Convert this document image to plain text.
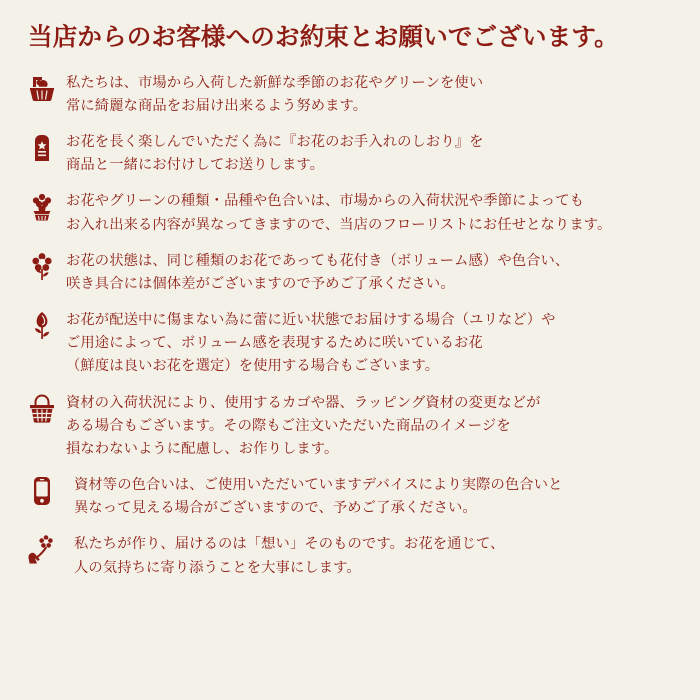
当店からのお客様へのお約束とお願いでございます。
私たちは、市場から入荷した新鮮な季節のお花やグリーンを使い
常に綺麗な商品をお届け出来るよう努めます。
お花を長く楽しんでいただく為に『お花のお手入れのしおり』を
商品と一緒にお付けしてお送りします。
お花やグリーンの種類・品種や色合いは、市場からの入荷状況や季節によっても
お入れ出来る内容が異なってきますので、当店のフローリストにお任せとなります。
お花の状態は、同じ種類のお花であっても花付き（ボリューム感）や色合い、
咲き具合には個体差がございますので予めご了承ください。
お花が配送中に傷まない為に蕾に近い状態でお届けする場合（ユリなど）や
ご用途によって、ボリューム感を表現するために咲いているお花
（鮮度は良いお花を選定）を使用する場合もございます。
資材の入荷状況により、使用するカゴや器、ラッピング資材の変更などが
ある場合もございます。その際もご注文いただいた商品のイメージを
損なわないように配慮し、お作りします。
資材等の色合いは、ご使用いただいていますデバイスにより実際の色合いと
異なって見える場合がございますので、予めご了承ください。
私たちが作り、届けるのは「想い」そのものです。お花を通じて、
人の気持ちに寄り添うことを大事にします。
